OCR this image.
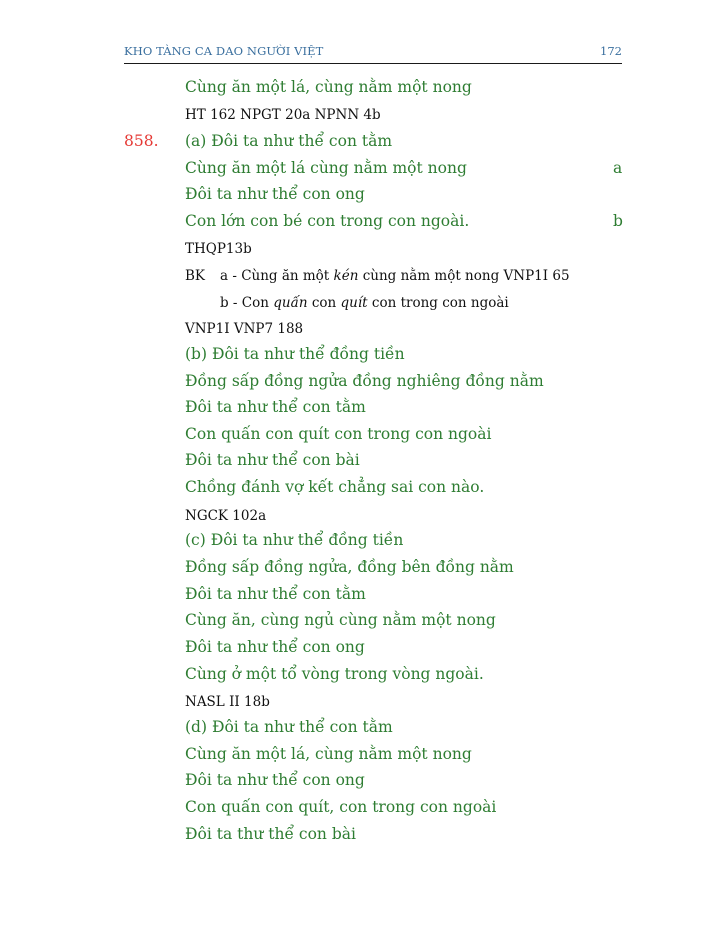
KHO TÀNG CA DAO NGƯỜI VIỆT	172
Cùng ăn một lá, cùng nằm một nong
HT 162 NPGT 20a NPNN 4b
858. (a) Đôi ta như thể con tằm
Cùng ăn một lá cùng nằm một nong	a
Đôi ta như thể con ong
Con lớn con bé con trong con ngoài.	b
THQP13b
BK a - Cùng ăn một kén cùng nằm một nong VNP1I 65
b - Con quấn con quít con trong con ngoài
VNP1I VNP7 188
(b) Đôi ta như thể đồng tiền
Đồng sấp đồng ngửa đồng nghiêng đồng nằm
Đôi ta như thể con tằm
Con quấn con quít con trong con ngoài
Đôi ta như thể con bài
Chồng đánh vợ kết chẳng sai con nào.
NGCK 102a
(c) Đôi ta như thể đồng tiền
Đồng sấp đồng ngửa, đồng bên đồng nằm
Đôi ta như thể con tằm
Cùng ăn, cùng ngủ cùng nằm một nong
Đôi ta như thể con ong
Cùng ở một tổ vòng trong vòng ngoài.
NASL II 18b
(d) Đôi ta như thể con tằm
Cùng ăn một lá, cùng nằm một nong
Đôi ta như thể con ong
Con quấn con quít, con trong con ngoài
Đôi ta thư thể con bài
